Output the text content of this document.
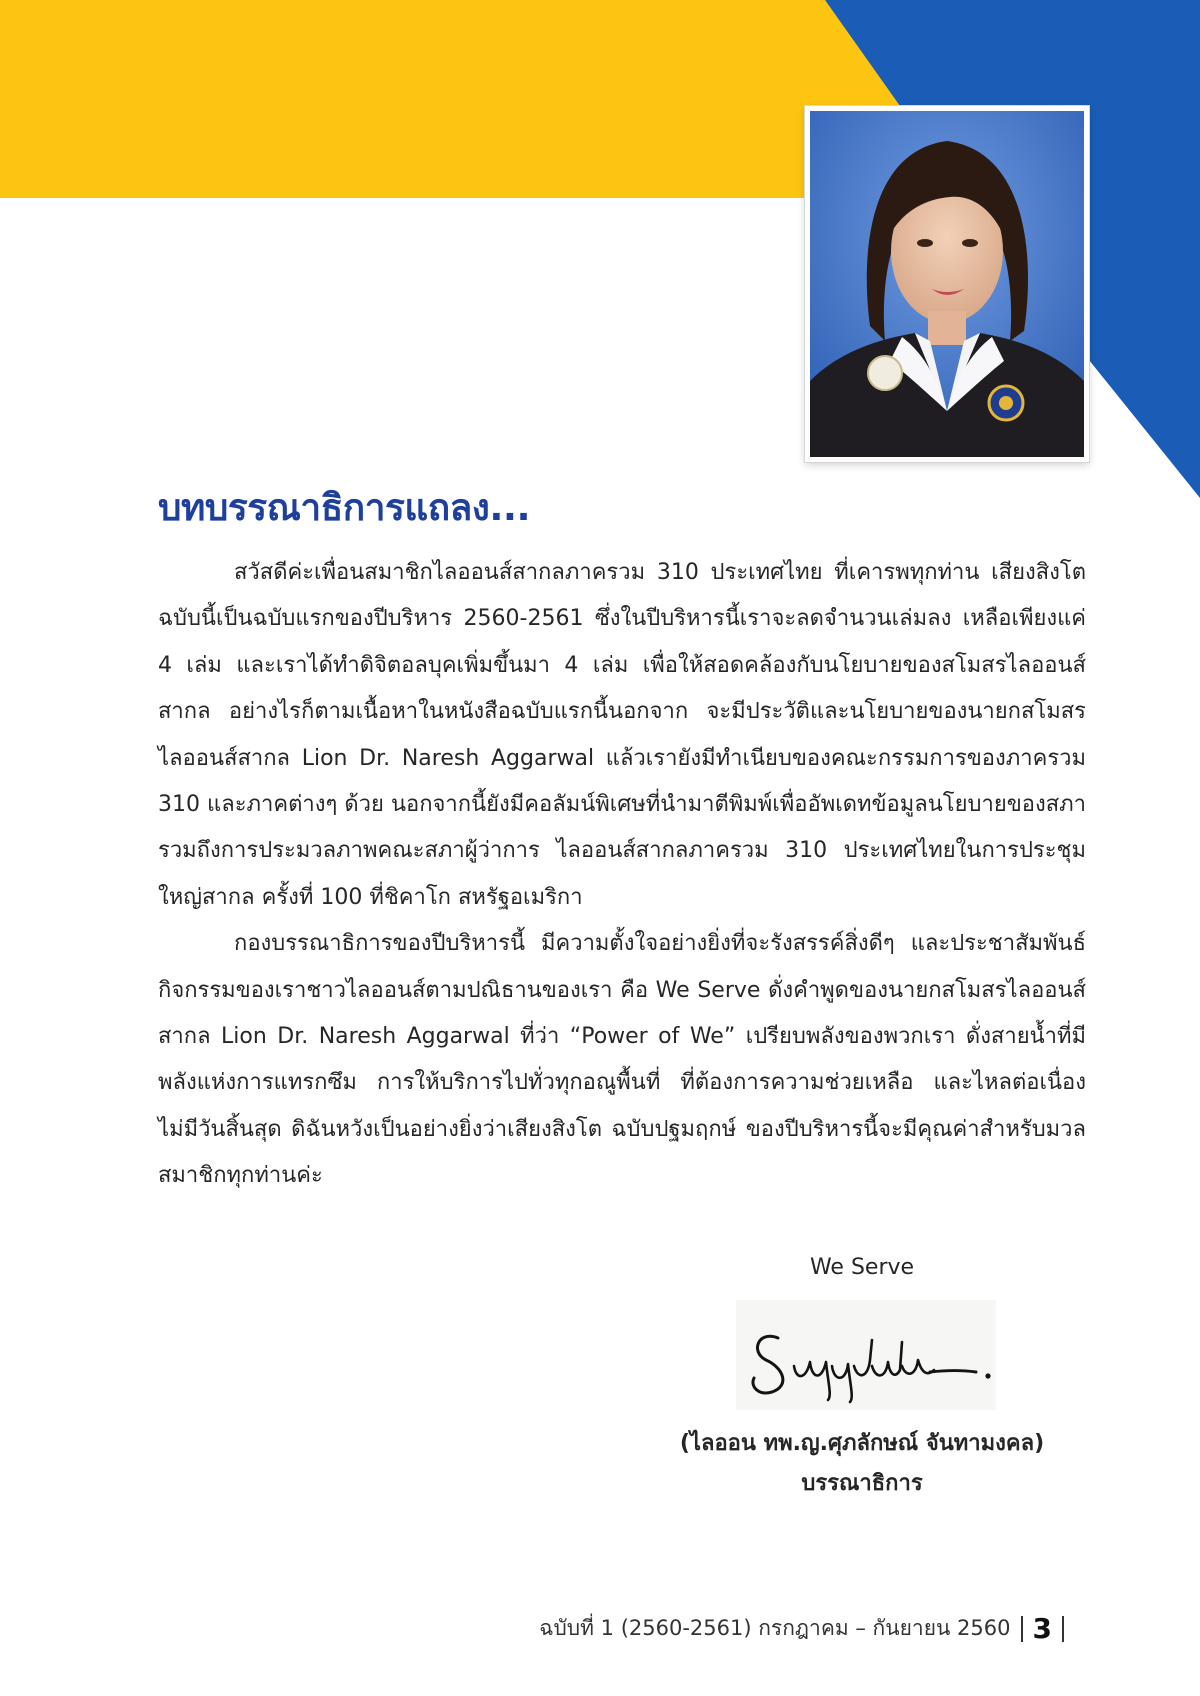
บทบรรณาธิการแถลง...

สวัสดีค่ะเพื่อนสมาชิกไลออนส์สากลภาครวม 310 ประเทศไทย ที่เคารพทุกท่าน เสียงสิงโตฉบับนี้เป็นฉบับแรกของปีบริหาร 2560-2561 ซึ่งในปีบริหารนี้เราจะลดจำนวนเล่มลง เหลือเพียงแค่ 4 เล่ม และเราได้ทำดิจิตอลบุคเพิ่มขึ้นมา 4 เล่ม เพื่อให้สอดคล้องกับนโยบายของสโมสรไลออนส์สากล อย่างไรก็ตามเนื้อหาในหนังสือฉบับแรกนี้นอกจาก จะมีประวัติและนโยบายของนายกสโมสรไลออนส์สากล Lion Dr. Naresh Aggarwal แล้วเรายังมีทำเนียบของคณะกรรมการของภาครวม 310 และภาคต่างๆ ด้วย นอกจากนี้ยังมีคอลัมน์พิเศษที่นำมาตีพิมพ์เพื่ออัพเดทข้อมูลนโยบายของสภา รวมถึงการประมวลภาพคณะสภาผู้ว่าการ ไลออนส์สากลภาครวม 310 ประเทศไทยในการประชุมใหญ่สากล ครั้งที่ 100 ที่ชิคาโก สหรัฐอเมริกา

กองบรรณาธิการของปีบริหารนี้ มีความตั้งใจอย่างยิ่งที่จะรังสรรค์สิ่งดีๆ และประชาสัมพันธ์กิจกรรมของเราชาวไลออนส์ตามปณิธานของเรา คือ We Serve ดั่งคำพูดของนายกสโมสรไลออนส์สากล Lion Dr. Naresh Aggarwal ที่ว่า “Power of We” เปรียบพลังของพวกเรา ดั่งสายน้ำที่มีพลังแห่งการแทรกซึม การให้บริการไปทั่วทุกอณูพื้นที่ ที่ต้องการความช่วยเหลือ และไหลต่อเนื่องไม่มีวันสิ้นสุด ดิฉันหวังเป็นอย่างยิ่งว่าเสียงสิงโต ฉบับปฐมฤกษ์ ของปีบริหารนี้จะมีคุณค่าสำหรับมวลสมาชิกทุกท่านค่ะ

We Serve
(ไลออน ทพ.ญ.ศุภลักษณ์ จันทามงคล)
บรรณาธิการ
ฉบับที่ 1 (2560-2561) กรกฎาคม – กันยายน 2560 3
